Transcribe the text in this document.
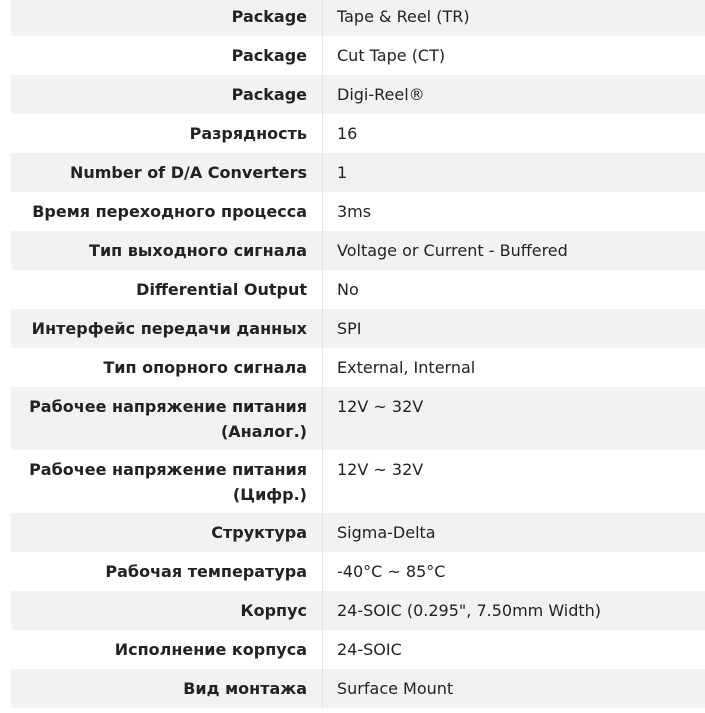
Package	Tape & Reel (TR)
Package	Cut Tape (CT)
Package	Digi-Reel®
Разрядность	16
Number of D/A Converters	1
Время переходного процесса	3ms
Тип выходного сигнала	Voltage or Current - Buffered
Differential Output	No
Интерфейс передачи данных	SPI
Тип опорного сигнала	External, Internal
Рабочее напряжение питания
(Аналог.)	12V ~ 32V
Рабочее напряжение питания
(Цифр.)	12V ~ 32V
Структура	Sigma-Delta
Рабочая температура	-40°C ~ 85°C
Корпус	24-SOIC (0.295", 7.50mm Width)
Исполнение корпуса	24-SOIC
Вид монтажа	Surface Mount
